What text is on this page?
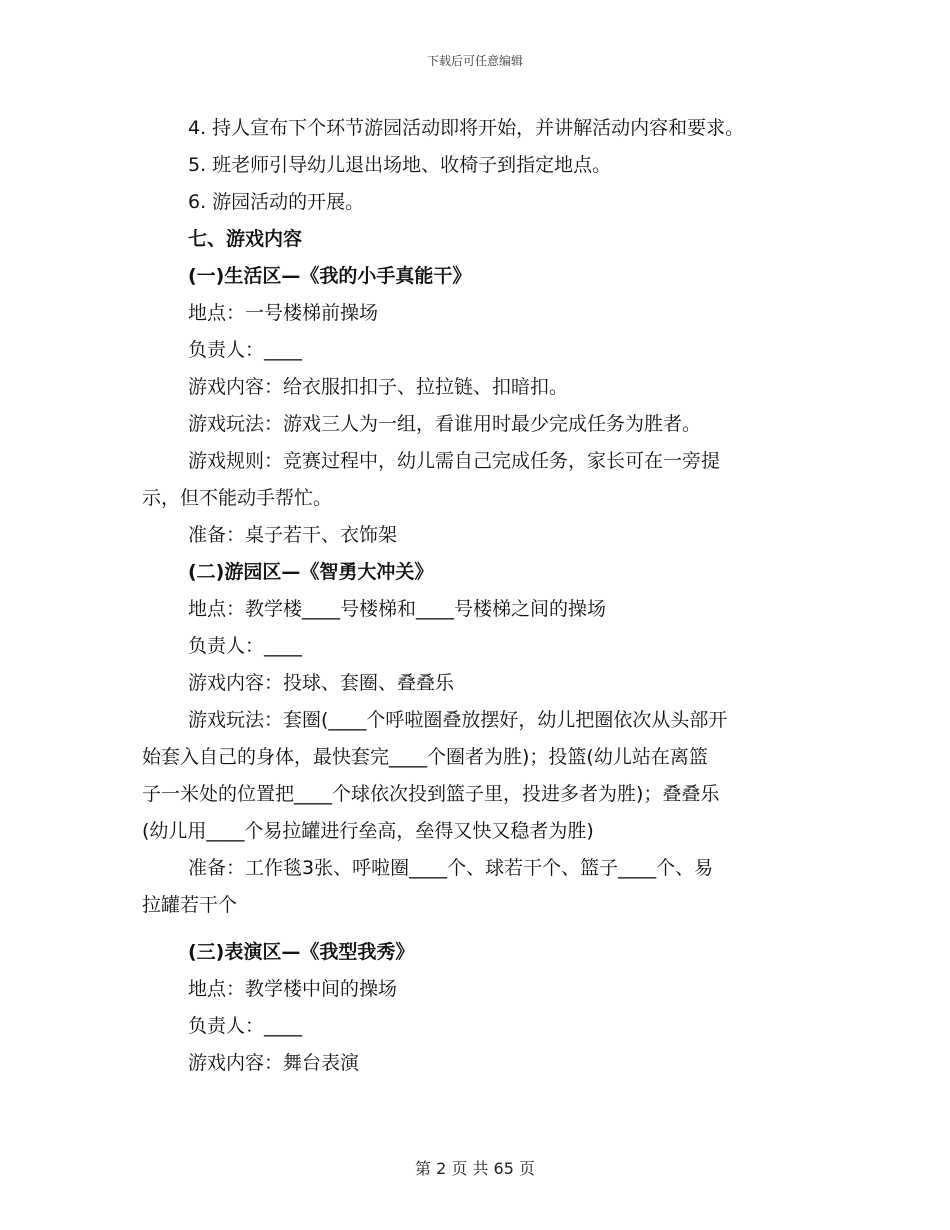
下载后可任意编辑
4. 持人宣布下个环节游园活动即将开始，并讲解活动内容和要求。
5. 班老师引导幼儿退出场地、收椅子到指定地点。
6. 游园活动的开展。
七、游戏内容
(一)生活区—《我的小手真能干》
地点：一号楼梯前操场
负责人：____
游戏内容：给衣服扣扣子、拉拉链、扣暗扣。
游戏玩法：游戏三人为一组，看谁用时最少完成任务为胜者。
游戏规则：竞赛过程中，幼儿需自己完成任务，家长可在一旁提
示，但不能动手帮忙。
准备：桌子若干、衣饰架
(二)游园区—《智勇大冲关》
地点：教学楼____号楼梯和____号楼梯之间的操场
负责人：____
游戏内容：投球、套圈、叠叠乐
游戏玩法：套圈(____个呼啦圈叠放摆好，幼儿把圈依次从头部开
始套入自己的身体，最快套完____个圈者为胜)；投篮(幼儿站在离篮
子一米处的位置把____个球依次投到篮子里，投进多者为胜)；叠叠乐
(幼儿用____个易拉罐进行垒高，垒得又快又稳者为胜)
准备：工作毯3张、呼啦圈____个、球若干个、篮子____个、易
拉罐若干个
(三)表演区—《我型我秀》
地点：教学楼中间的操场
负责人：____
游戏内容：舞台表演
第 2 页 共 65 页
